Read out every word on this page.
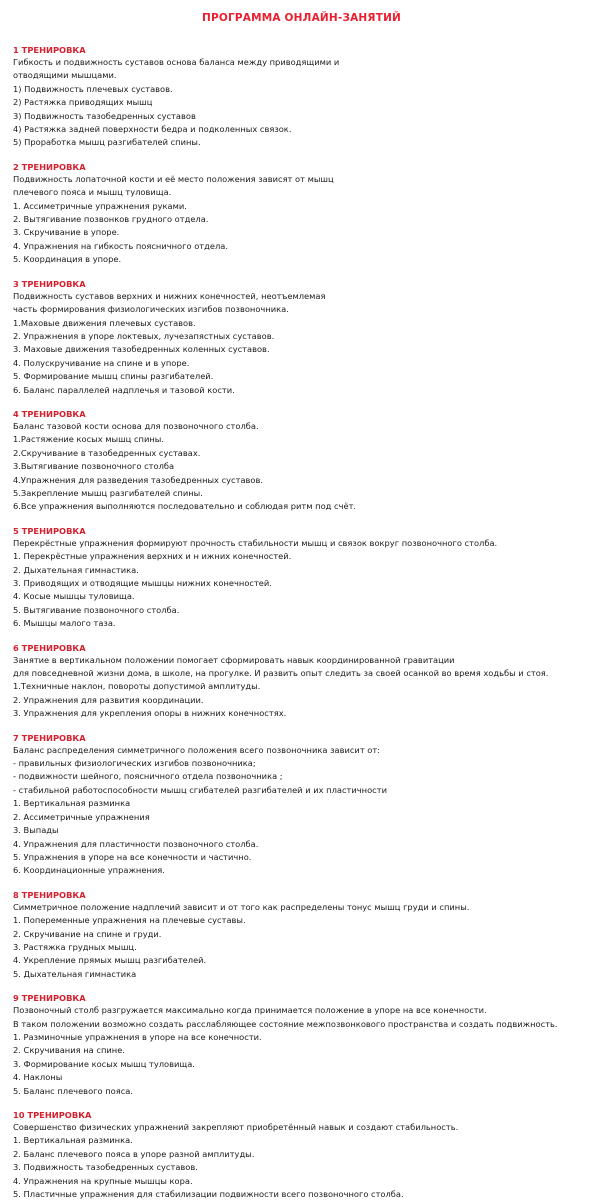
ПРОГРАММА ОНЛАЙН-ЗАНЯТИЙ
1 ТРЕНИРОВКА
Гибкость и подвижность суставов основа баланса между приводящими и
отводящими мышцами.
1) Подвижность плечевых суставов.
2) Растяжка приводящих мышц
3) Подвижность тазобедренных суставов
4) Растяжка задней поверхности бедра и подколенных связок.
5) Проработка мышц разгибателей спины.
2 ТРЕНИРОВКА
Подвижность лопаточной кости и её место положения зависят от мышц
плечевого пояса и мышц туловища.
1. Ассиметричные упражнения руками.
2. Вытягивание позвонков грудного отдела.
3. Скручивание в упоре.
4. Упражнения на гибкость поясничного отдела.
5. Координация в упоре.
3 ТРЕНИРОВКА
Подвижность суставов верхних и нижних конечностей, неотъемлемая
часть формирования физиологических изгибов позвоночника.
1.Маховые движения плечевых суставов.
2. Упражнения в упоре локтевых, лучезапястных суставов.
3. Маховые движения тазобедренных коленных суставов.
4. Полускручивание на спине и в упоре.
5. Формирование мышц спины разгибателей.
6. Баланс параллелей надплечья и тазовой кости.
4 ТРЕНИРОВКА
Баланс тазовой кости основа для позвоночного столба.
1.Растяжение косых мышц спины.
2.Скручивание в тазобедренных суставах.
3.Вытягивание позвоночного столба
4.Упражнения для разведения тазобедренных суставов.
5.Закрепление мышц разгибателей спины.
6.Все упражнения выполняются последовательно и соблюдая ритм под счёт.
5 ТРЕНИРОВКА
Перекрёстные упражнения формируют прочность стабильности мышц и связок вокруг позвоночного столба.
1. Перекрёстные упражнения верхних и н ижних конечностей.
2. Дыхательная гимнастика.
3. Приводящих и отводящие мышцы нижних конечностей.
4. Косые мышцы туловища.
5. Вытягивание позвоночного столба.
6. Мышцы малого таза.
6 ТРЕНИРОВКА
Занятие в вертикальном положении помогает сформировать навык координированной гравитации
для повседневной жизни дома, в школе, на прогулке. И развить опыт следить за своей осанкой во время ходьбы и стоя.
1.Техничные наклон, повороты допустимой амплитуды.
2. Упражнения для развития координации.
3. Упражнения для укрепления опоры в нижних конечностях.
7 ТРЕНИРОВКА
Баланс распределения симметричного положения всего позвоночника зависит от:
- правильных физиологических изгибов позвоночника;
- подвижности шейного, поясничного отдела позвоночника ;
- стабильной работоспособности мышц сгибателей разгибателей и их пластичности
1. Вертикальная разминка
2. Ассиметричные упражнения
3. Выпады
4. Упражнения для пластичности позвоночного столба.
5. Упражнения в упоре на все конечности и частично.
6. Координационные упражнения.
8 ТРЕНИРОВКА
Симметричное положение надплечий зависит и от того как распределены тонус мышц груди и спины.
1. Попеременные упражнения на плечевые суставы.
2. Скручивание на спине и груди.
3. Растяжка грудных мышц.
4. Укрепление прямых мышц разгибателей.
5. Дыхательная гимнастика
9 ТРЕНИРОВКА
Позвоночный столб разгружается максимально когда принимается положение в упоре на все конечности.
В таком положении возможно создать расслабляющее состояние межпозвонкового пространства и создать подвижность.
1. Разминочные упражнения в упоре на все конечности.
2. Скручивания на спине.
3. Формирование косых мышц туловища.
4. Наклоны
5. Баланс плечевого пояса.
10 ТРЕНИРОВКА
Совершенство физических упражнений закрепляют приобретённый навык и создают стабильность.
1. Вертикальная разминка.
2. Баланс плечевого пояса в упоре разной амплитуды.
3. Подвижность тазобедренных суставов.
4. Упражнения на крупные мышцы кора.
5. Пластичные упражнения для стабилизации подвижности всего позвоночного столба.
